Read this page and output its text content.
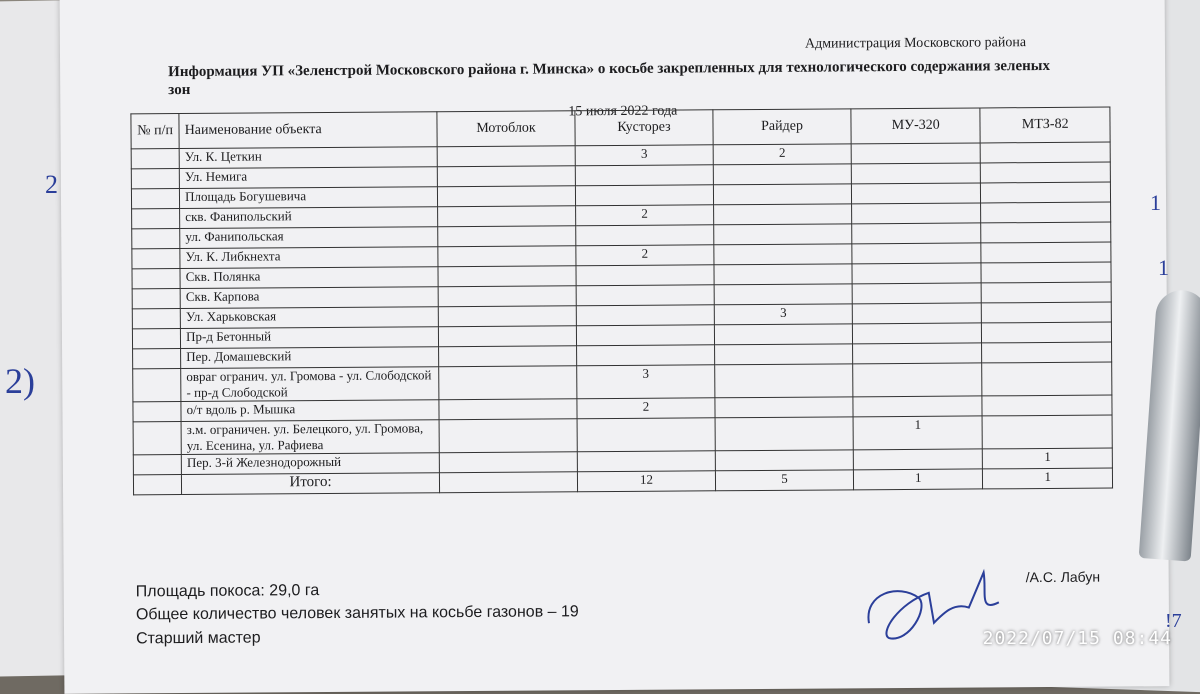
Администрация Московского района
Информация УП «Зеленстрой Московского района г. Минска» о косьбе закрепленных для технологического содержания зеленых зон
15 июля 2022 года
№ п/п	Наименование объекта	Мотоблок	Кусторез	Райдер	МУ-320	МТЗ-82
	Ул. К. Цеткин		3	2		
	Ул. Немига					
	Площадь Богушевича					
	скв. Фанипольский		2			
	ул. Фанипольская					
	Ул. К. Либкнехта		2			
	Скв. Полянка					
	Скв. Карпова					
	Ул. Харьковская			3		
	Пр-д Бетонный					
	Пер. Домашевский					
	овраг огранич. ул. Громова - ул. Слободской - пр-д Слободской		3			
	о/т вдоль р. Мышка		2			
	з.м. ограничен. ул. Белецкого, ул. Громова, ул. Есенина, ул. Рафиева				1	
	Пер. 3-й Железнодорожный					1
	Итого:		12	5	1	1
Площадь покоса: 29,0 га
Общее количество человек занятых на косьбе газонов – 19
Старший мастер
/А.С. Лабун
2)
2
1
1
!7
2022/07/15 08:44
